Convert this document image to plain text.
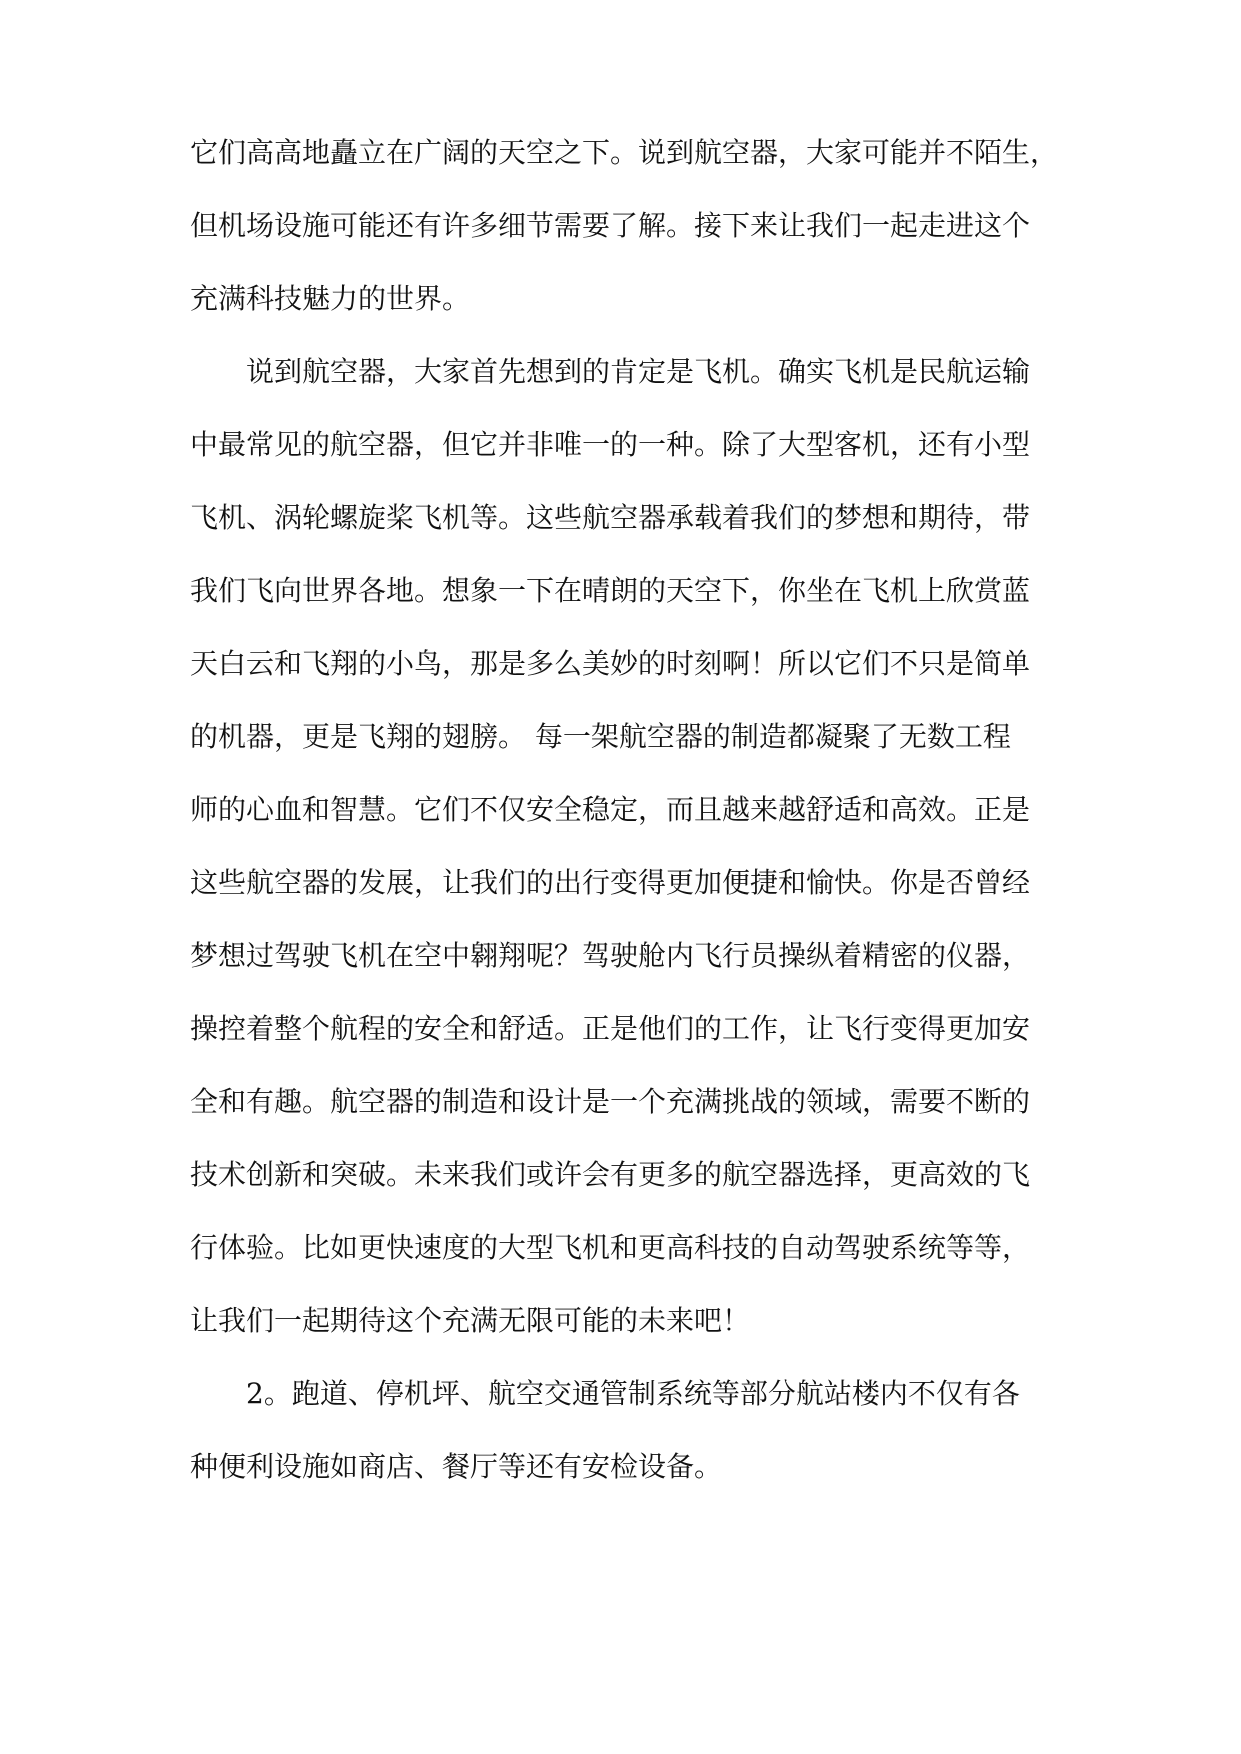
它们高高地矗立在广阔的天空之下。说到航空器，大家可能并不陌生，

但机场设施可能还有许多细节需要了解。接下来让我们一起走进这个

充满科技魅力的世界。

说到航空器，大家首先想到的肯定是飞机。确实飞机是民航运输

中最常见的航空器，但它并非唯一的一种。除了大型客机，还有小型

飞机、涡轮螺旋桨飞机等。这些航空器承载着我们的梦想和期待，带

我们飞向世界各地。想象一下在晴朗的天空下，你坐在飞机上欣赏蓝

天白云和飞翔的小鸟，那是多么美妙的时刻啊！所以它们不只是简单

的机器，更是飞翔的翅膀。 每一架航空器的制造都凝聚了无数工程

师的心血和智慧。它们不仅安全稳定，而且越来越舒适和高效。正是

这些航空器的发展，让我们的出行变得更加便捷和愉快。你是否曾经

梦想过驾驶飞机在空中翱翔呢？驾驶舱内飞行员操纵着精密的仪器，

操控着整个航程的安全和舒适。正是他们的工作，让飞行变得更加安

全和有趣。航空器的制造和设计是一个充满挑战的领域，需要不断的

技术创新和突破。未来我们或许会有更多的航空器选择，更高效的飞

行体验。比如更快速度的大型飞机和更高科技的自动驾驶系统等等，

让我们一起期待这个充满无限可能的未来吧！

2。跑道、停机坪、航空交通管制系统等部分航站楼内不仅有各

种便利设施如商店、餐厅等还有安检设备。
